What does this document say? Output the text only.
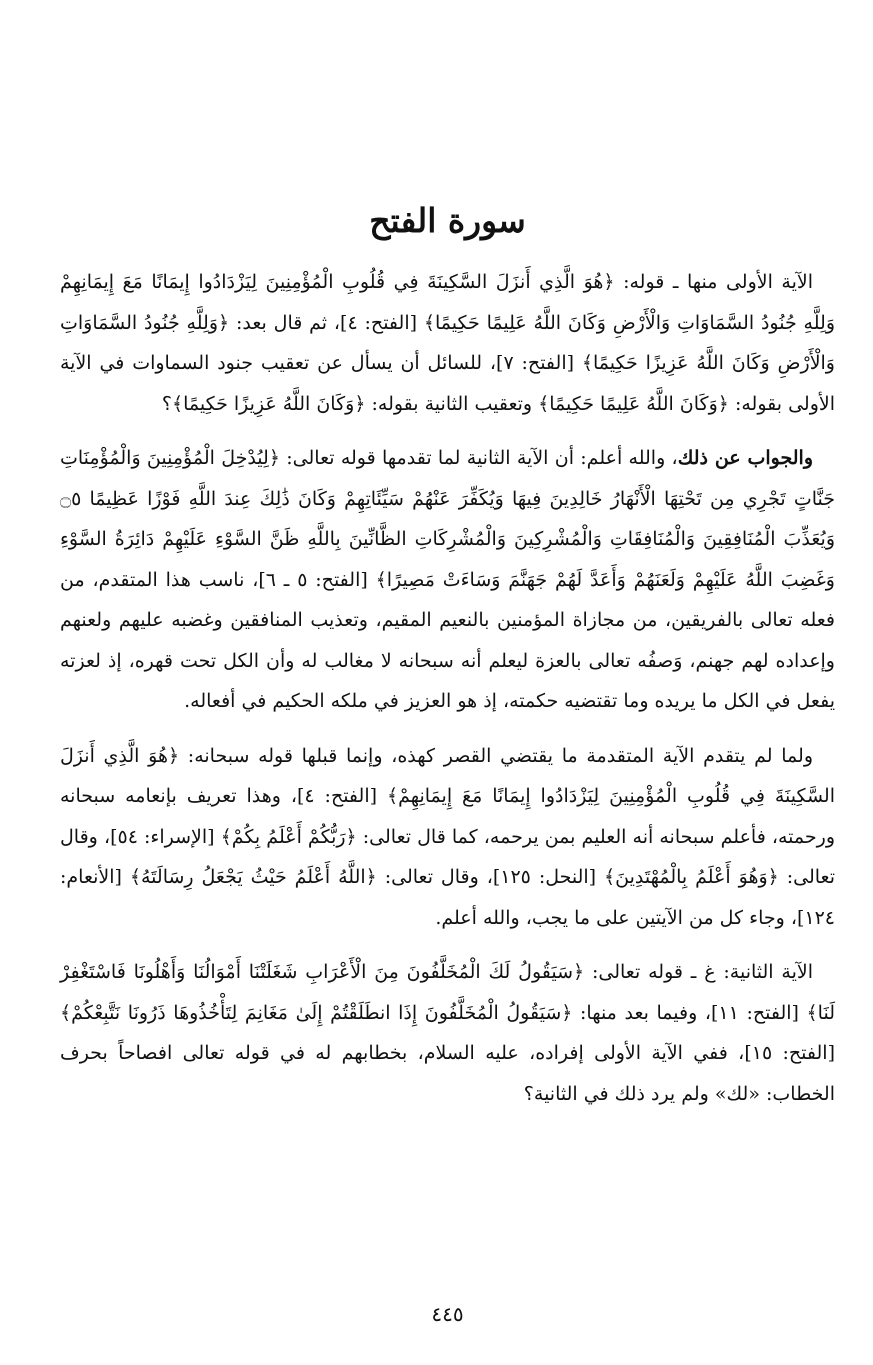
سورة الفتح

الآية الأولى منها ـ قوله: ﴿هُوَ الَّذِي أَنزَلَ السَّكِينَةَ فِي قُلُوبِ الْمُؤْمِنِينَ لِيَزْدَادُوا إِيمَانًا مَعَ إِيمَانِهِمْ وَلِلَّهِ جُنُودُ السَّمَاوَاتِ وَالْأَرْضِ وَكَانَ اللَّهُ عَلِيمًا حَكِيمًا﴾ [الفتح: ٤]، ثم قال بعد: ﴿وَلِلَّهِ جُنُودُ السَّمَاوَاتِ وَالْأَرْضِ وَكَانَ اللَّهُ عَزِيزًا حَكِيمًا﴾ [الفتح: ٧]، للسائل أن يسأل عن تعقيب جنود السماوات في الآية الأولى بقوله: ﴿وَكَانَ اللَّهُ عَلِيمًا حَكِيمًا﴾ وتعقيب الثانية بقوله: ﴿وَكَانَ اللَّهُ عَزِيزًا حَكِيمًا﴾؟

والجواب عن ذلك، والله أعلم: أن الآية الثانية لما تقدمها قوله تعالى: ﴿لِيُدْخِلَ الْمُؤْمِنِينَ وَالْمُؤْمِنَاتِ جَنَّاتٍ تَجْرِي مِن تَحْتِهَا الْأَنْهَارُ خَالِدِينَ فِيهَا وَيُكَفِّرَ عَنْهُمْ سَيِّئَاتِهِمْ وَكَانَ ذَٰلِكَ عِندَ اللَّهِ فَوْزًا عَظِيمًا ۝٥ وَيُعَذِّبَ الْمُنَافِقِينَ وَالْمُنَافِقَاتِ وَالْمُشْرِكِينَ وَالْمُشْرِكَاتِ الظَّانِّينَ بِاللَّهِ ظَنَّ السَّوْءِ عَلَيْهِمْ دَائِرَةُ السَّوْءِ وَغَضِبَ اللَّهُ عَلَيْهِمْ وَلَعَنَهُمْ وَأَعَدَّ لَهُمْ جَهَنَّمَ وَسَاءَتْ مَصِيرًا﴾ [الفتح: ٥ ـ ٦]، ناسب هذا المتقدم، من فعله تعالى بالفريقين، من مجازاة المؤمنين بالنعيم المقيم، وتعذيب المنافقين وغضبه عليهم ولعنهم وإعداده لهم جهنم، وَصفُه تعالى بالعزة ليعلم أنه سبحانه لا مغالب له وأن الكل تحت قهره، إذ لعزته يفعل في الكل ما يريده وما تقتضيه حكمته، إذ هو العزيز في ملكه الحكيم في أفعاله.

ولما لم يتقدم الآية المتقدمة ما يقتضي القصر كهذه، وإنما قبلها قوله سبحانه: ﴿هُوَ الَّذِي أَنزَلَ السَّكِينَةَ فِي قُلُوبِ الْمُؤْمِنِينَ لِيَزْدَادُوا إِيمَانًا مَعَ إِيمَانِهِمْ﴾ [الفتح: ٤]، وهذا تعريف بإنعامه سبحانه ورحمته، فأعلم سبحانه أنه العليم بمن يرحمه، كما قال تعالى: ﴿رَبُّكُمْ أَعْلَمُ بِكُمْ﴾ [الإسراء: ٥٤]، وقال تعالى: ﴿وَهُوَ أَعْلَمُ بِالْمُهْتَدِينَ﴾ [النحل: ١٢٥]، وقال تعالى: ﴿اللَّهُ أَعْلَمُ حَيْثُ يَجْعَلُ رِسَالَتَهُ﴾ [الأنعام: ١٢٤]، وجاء كل من الآيتين على ما يجب، والله أعلم.

الآية الثانية: غ ـ قوله تعالى: ﴿سَيَقُولُ لَكَ الْمُخَلَّفُونَ مِنَ الْأَعْرَابِ شَغَلَتْنَا أَمْوَالُنَا وَأَهْلُونَا فَاسْتَغْفِرْ لَنَا﴾ [الفتح: ١١]، وفيما بعد منها: ﴿سَيَقُولُ الْمُخَلَّفُونَ إِذَا انطَلَقْتُمْ إِلَىٰ مَغَانِمَ لِتَأْخُذُوهَا ذَرُونَا نَتَّبِعْكُمْ﴾ [الفتح: ١٥]، ففي الآية الأولى إفراده، عليه السلام، بخطابهم له في قوله تعالى افصاحاً بحرف الخطاب: «لك» ولم يرد ذلك في الثانية؟

٤٤٥
